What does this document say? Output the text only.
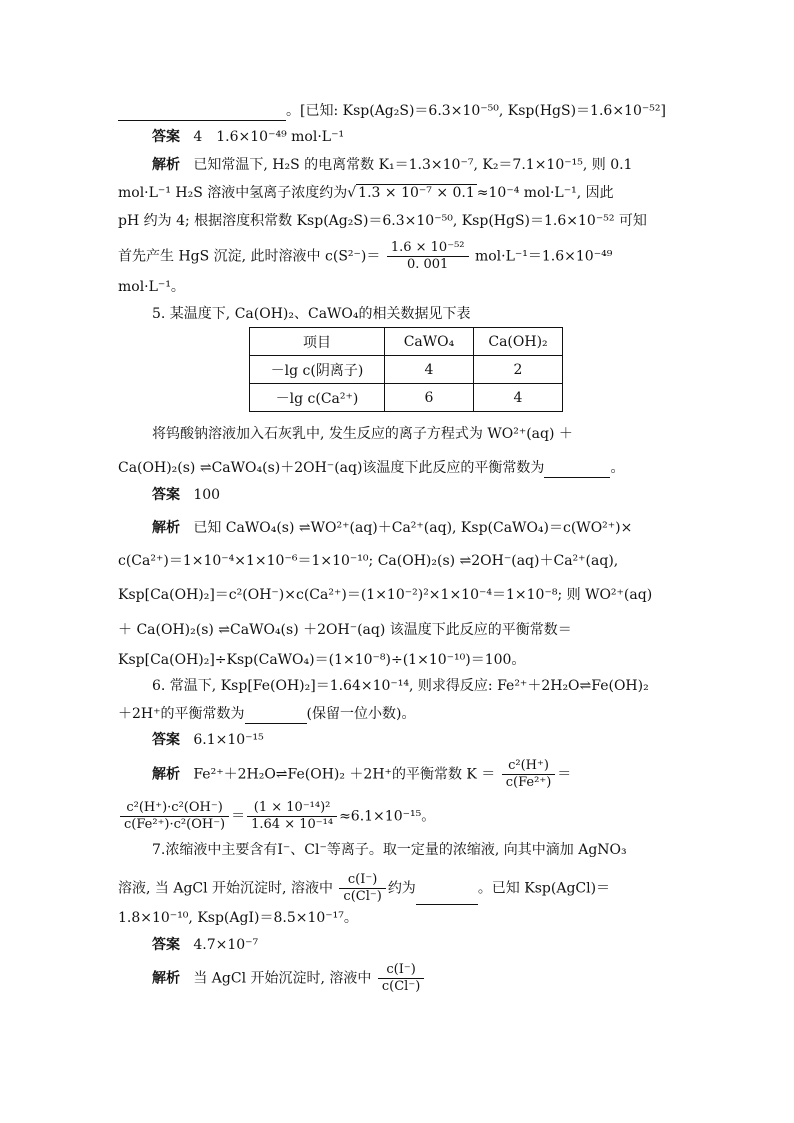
。[已知: Ksp(Ag₂S)＝6.3×10⁻⁵⁰, Ksp(HgS)＝1.6×10⁻⁵²]
答案 4　1.6×10⁻⁴⁹ mol·L⁻¹
解析 已知常温下, H₂S 的电离常数 K₁＝1.3×10⁻⁷, K₂＝7.1×10⁻¹⁵, 则 0.1
mol·L⁻¹ H₂S 溶液中氢离子浓度约为√ 1.3 × 10⁻⁷ × 0.1 ≈10⁻⁴ mol·L⁻¹, 因此
pH 约为 4; 根据溶度积常数 Ksp(Ag₂S)＝6.3×10⁻⁵⁰, Ksp(HgS)＝1.6×10⁻⁵² 可知
首先产生 HgS 沉淀, 此时溶液中 $c(S^{2-})= \frac{\text{1.6 × 10⁻⁵²}}{0. 001} mol\cdot L^{-1}=1.6\times 10^{-49}$
mol·L⁻¹。
5. 某温度下, Ca(OH)₂、CaWO₄的相关数据见下表
项目	CaWO₄	Ca(OH)₂
－lg c(阴离子)	4	2
－lg c(Ca²⁺)	6	4
将钨酸钠溶液加入石灰乳中, 发生反应的离子方程式为 WO²⁺(aq) ＋
Ca(OH)₂(s) ⇌CaWO₄(s)＋2OH⁻(aq)该温度下此反应的平衡常数为	。
答案 100
解析 已知 CaWO₄(s) ⇌WO²⁺(aq)＋Ca²⁺(aq), Ksp(CaWO₄)＝c(WO²⁺)×
c(Ca²⁺)＝1×10⁻⁴×1×10⁻⁶＝1×10⁻¹⁰; Ca(OH)₂(s) ⇌2OH⁻(aq)＋Ca²⁺(aq),
Ksp[Ca(OH)₂]＝c²(OH⁻)×c(Ca²⁺)＝(1×10⁻²)²×1×10⁻⁴＝1×10⁻⁸; 则 WO²⁺(aq)
＋ Ca(OH)₂(s) ⇌CaWO₄(s) ＋2OH⁻(aq) 该温度下此反应的平衡常数＝
Ksp[Ca(OH)₂]÷Ksp(CaWO₄)＝(1×10⁻⁸)÷(1×10⁻¹⁰)＝100。
6. 常温下, Ksp[Fe(OH)₂]＝1.64×10⁻¹⁴, 则求得反应: Fe²⁺＋2H₂O⇌Fe(OH)₂
＋2H⁺的平衡常数为	(保留一位小数)。
答案 6.1×10⁻¹⁵
解析 Fe²⁺＋2H₂O⇌Fe(OH)₂ ＋2H⁺的平衡常数 $K = \frac{\text{c²(H⁺)}}{\text{c(Fe²⁺)}}$ ＝
$\frac{\text{c²(H⁺)·c²(OH⁻)}}{\text{c(Fe²⁺)·c²(OH⁻)}} = \frac{\text{(1 × 10⁻¹⁴)²}}{\text{1.64 × 10⁻¹⁴}} \approx 6.1\times 10^{-15}$。
7.浓缩液中主要含有I⁻、Cl⁻等离子。取一定量的浓缩液, 向其中滴加 AgNO₃
溶液, 当 AgCl 开始沉淀时, 溶液中 $\frac{c(I^-)}{c(Cl^-)}$ 约为	。已知 Ksp(AgCl)＝
1.8×10⁻¹⁰, Ksp(AgI)＝8.5×10⁻¹⁷。
答案 4.7×10⁻⁷
解析 当 AgCl 开始沉淀时, 溶液中 $\frac{c(I^-)}{c(Cl^-)}$
